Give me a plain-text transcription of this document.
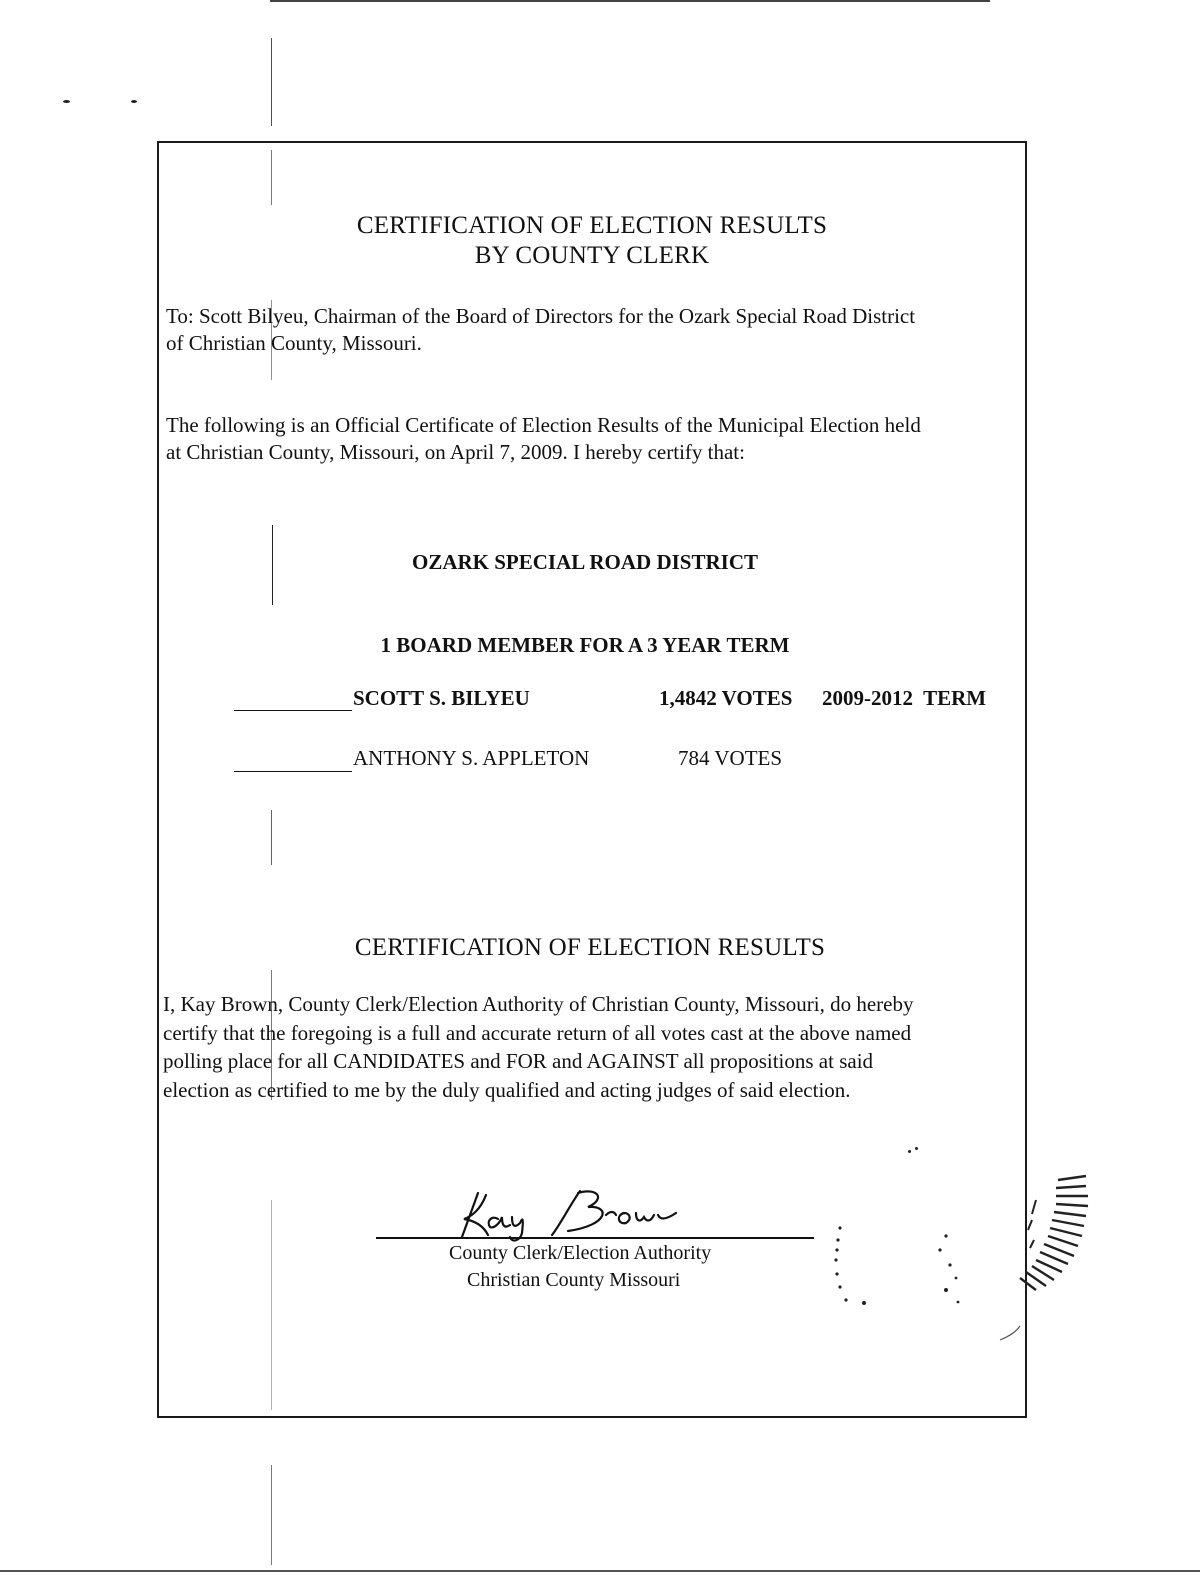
CERTIFICATION OF ELECTION RESULTS
BY COUNTY CLERK
To: Scott Bilyeu, Chairman of the Board of Directors for the Ozark Special Road District
of Christian County, Missouri.
The following is an Official Certificate of Election Results of the Municipal Election held
at Christian County, Missouri, on April 7, 2009. I hereby certify that:
OZARK SPECIAL ROAD DISTRICT
1 BOARD MEMBER FOR A 3 YEAR TERM
SCOTT S. BILYEU	1,4842 VOTES 2009-2012  TERM
ANTHONY S. APPLETON	784 VOTES
CERTIFICATION OF ELECTION RESULTS
I, Kay Brown, County Clerk/Election Authority of Christian County, Missouri, do hereby
certify that the foregoing is a full and accurate return of all votes cast at the above named
polling place for all CANDIDATES and FOR and AGAINST all propositions at said
election as certified to me by the duly qualified and acting judges of said election.
County Clerk/Election Authority
Christian County Missouri
